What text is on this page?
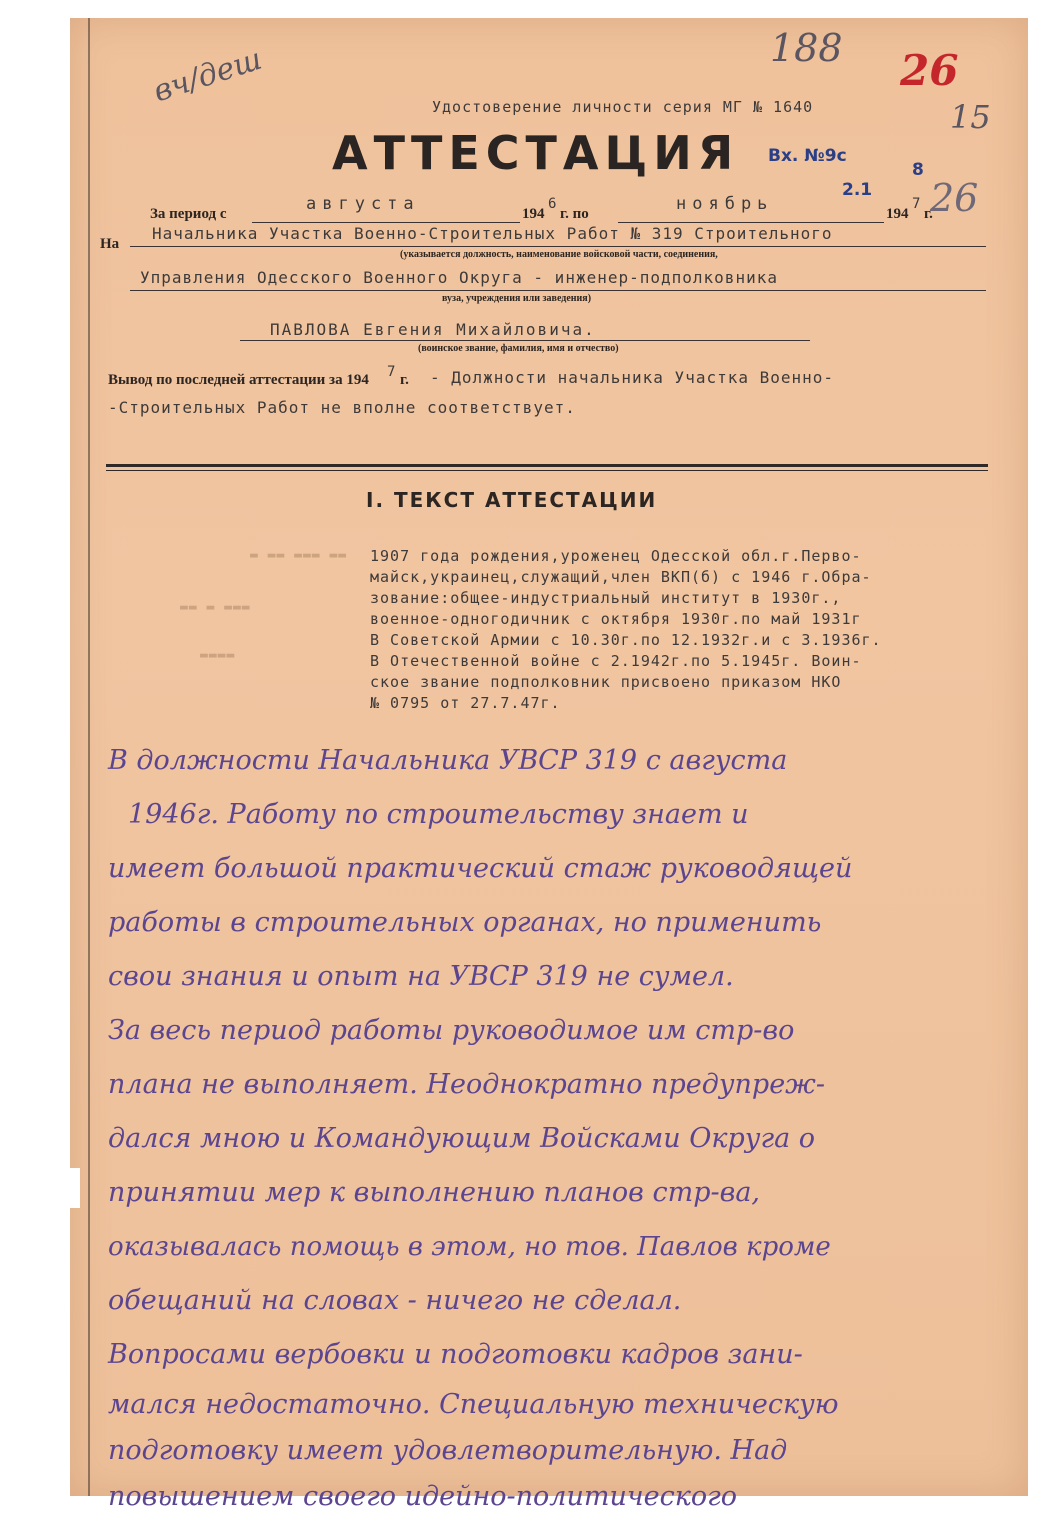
вч/деш	188 26
15
26
Вх. №9с
2.1
8
Удостоверение личности серия МГ № 1640
АТТЕСТАЦИЯ
За период с	августа	194
6
г. по	ноябрь	194
7
г.
На
Начальника Участка Военно-Строительных Работ № 319 Строительного
(указывается должность, наименование войсковой части, соединения,
Управления Одесского Военного Округа - инженер-подполковника
вуза, учреждения или заведения)
ПАВЛОВА Евгения Михайловича.
(воинское звание, фамилия, имя и отчество)
Вывод по последней аттестации за 194 7 г. - Должности начальника Участка Военно-
-Строительных Работ не вполне соответствует.
I. ТЕКСТ АТТЕСТАЦИИ
▬ ▬▬ ▬▬▬ ▬▬
▬▬ ▬ ▬▬▬
▬▬▬▬
1907 года рождения,уроженец Одесской обл.г.Перво-
майск,украинец,служащий,член ВКП(б) с 1946 г.Обра-
зование:общее-индустриальный институт в 1930г.,
военное-одногодичник с октября 1930г.по май 1931г
В Советской Армии с 10.30г.по 12.1932г.и с 3.1936г.
В Отечественной войне с 2.1942г.по 5.1945г. Воин-
ское звание подполковник присвоено приказом НКО
№ 0795 от 27.7.47г.
В должности Начальника УВСР 319 с августа
1946г. Работу по строительству знает и
имеет большой практический стаж руководящей
работы в строительных органах, но применить
свои знания и опыт на УВСР 319 не сумел.
За весь период работы руководимое им стр-во
плана не выполняет. Неоднократно предупреж-
дался мною и Командующим Войсками Округа о
принятии мер к выполнению планов стр-ва,
оказывалась помощь в этом, но тов. Павлов кроме
обещаний на словах - ничего не сделал.
Вопросами вербовки и подготовки кадров зани-
мался недостаточно. Специальную техническую
подготовку имеет удовлетворительную. Над
повышением своего идейно-политического
